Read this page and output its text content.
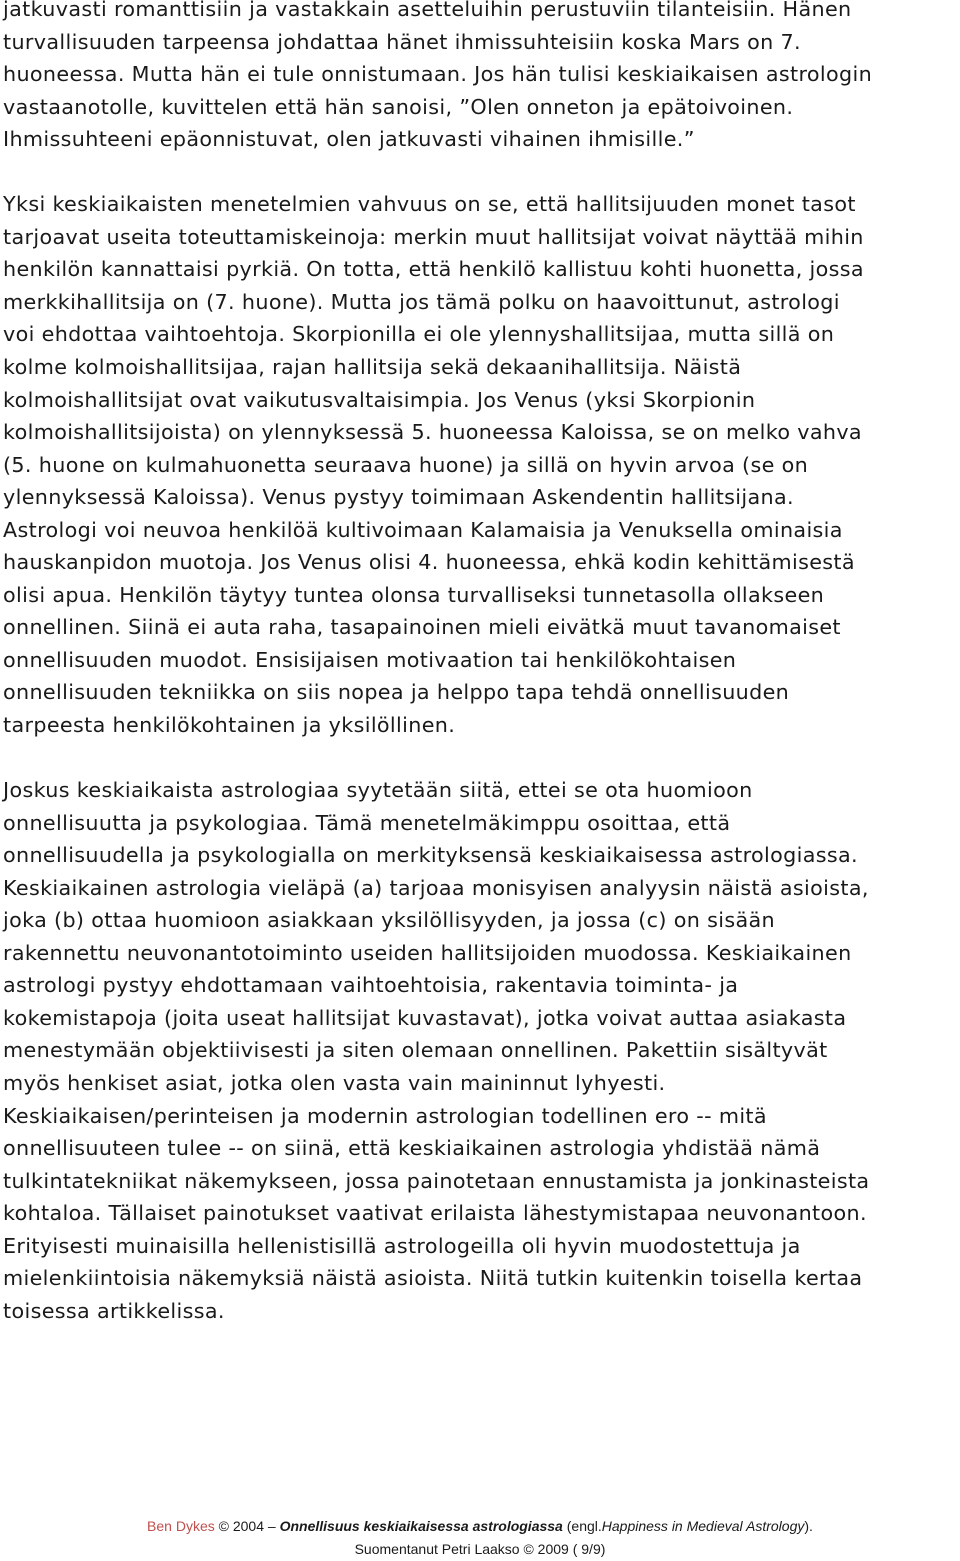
jatkuvasti romanttisiin ja vastakkain asetteluihin perustuviin tilanteisiin. Hänen
turvallisuuden tarpeensa johdattaa hänet ihmissuhteisiin koska Mars on 7.
huoneessa. Mutta hän ei tule onnistumaan. Jos hän tulisi keskiaikaisen astrologin
vastaanotolle, kuvittelen että hän sanoisi, ”Olen onneton ja epätoivoinen.
Ihmissuhteeni epäonnistuvat, olen jatkuvasti vihainen ihmisille.”

Yksi keskiaikaisten menetelmien vahvuus on se, että hallitsijuuden monet tasot
tarjoavat useita toteuttamiskeinoja: merkin muut hallitsijat voivat näyttää mihin
henkilön kannattaisi pyrkiä. On totta, että henkilö kallistuu kohti huonetta, jossa
merkkihallitsija on (7. huone). Mutta jos tämä polku on haavoittunut, astrologi
voi ehdottaa vaihtoehtoja. Skorpionilla ei ole ylennyshallitsijaa, mutta sillä on
kolme kolmoishallitsijaa, rajan hallitsija sekä dekaanihallitsija. Näistä
kolmoishallitsijat ovat vaikutusvaltaisimpia. Jos Venus (yksi Skorpionin
kolmoishallitsijoista) on ylennyksessä 5. huoneessa Kaloissa, se on melko vahva
(5. huone on kulmahuonetta seuraava huone) ja sillä on hyvin arvoa (se on
ylennyksessä Kaloissa). Venus pystyy toimimaan Askendentin hallitsijana.
Astrologi voi neuvoa henkilöä kultivoimaan Kalamaisia ja Venuksella ominaisia
hauskanpidon muotoja. Jos Venus olisi 4. huoneessa, ehkä kodin kehittämisestä
olisi apua. Henkilön täytyy tuntea olonsa turvalliseksi tunnetasolla ollakseen
onnellinen. Siinä ei auta raha, tasapainoinen mieli eivätkä muut tavanomaiset
onnellisuuden muodot. Ensisijaisen motivaation tai henkilökohtaisen
onnellisuuden tekniikka on siis nopea ja helppo tapa tehdä onnellisuuden
tarpeesta henkilökohtainen ja yksilöllinen.

Joskus keskiaikaista astrologiaa syytetään siitä, ettei se ota huomioon
onnellisuutta ja psykologiaa. Tämä menetelmäkimppu osoittaa, että
onnellisuudella ja psykologialla on merkityksensä keskiaikaisessa astrologiassa.
Keskiaikainen astrologia vieläpä (a) tarjoaa monisyisen analyysin näistä asioista,
joka (b) ottaa huomioon asiakkaan yksilöllisyyden, ja jossa (c) on sisään
rakennettu neuvonantotoiminto useiden hallitsijoiden muodossa. Keskiaikainen
astrologi pystyy ehdottamaan vaihtoehtoisia, rakentavia toiminta- ja
kokemistapoja (joita useat hallitsijat kuvastavat), jotka voivat auttaa asiakasta
menestymään objektiivisesti ja siten olemaan onnellinen. Pakettiin sisältyvät
myös henkiset asiat, jotka olen vasta vain maininnut lyhyesti.
Keskiaikaisen/perinteisen ja modernin astrologian todellinen ero -- mitä
onnellisuuteen tulee -- on siinä, että keskiaikainen astrologia yhdistää nämä
tulkintatekniikat näkemykseen, jossa painotetaan ennustamista ja jonkinasteista
kohtaloa. Tällaiset painotukset vaativat erilaista lähestymistapaa neuvonantoon.
Erityisesti muinaisilla hellenistisillä astrologeilla oli hyvin muodostettuja ja
mielenkiintoisia näkemyksiä näistä asioista. Niitä tutkin kuitenkin toisella kertaa
toisessa artikkelissa.

Ben Dykes © 2004 – Onnellisuus keskiaikaisessa astrologiassa (engl.Happiness in Medieval Astrology).
Suomentanut Petri Laakso © 2009 ( 9/9)
